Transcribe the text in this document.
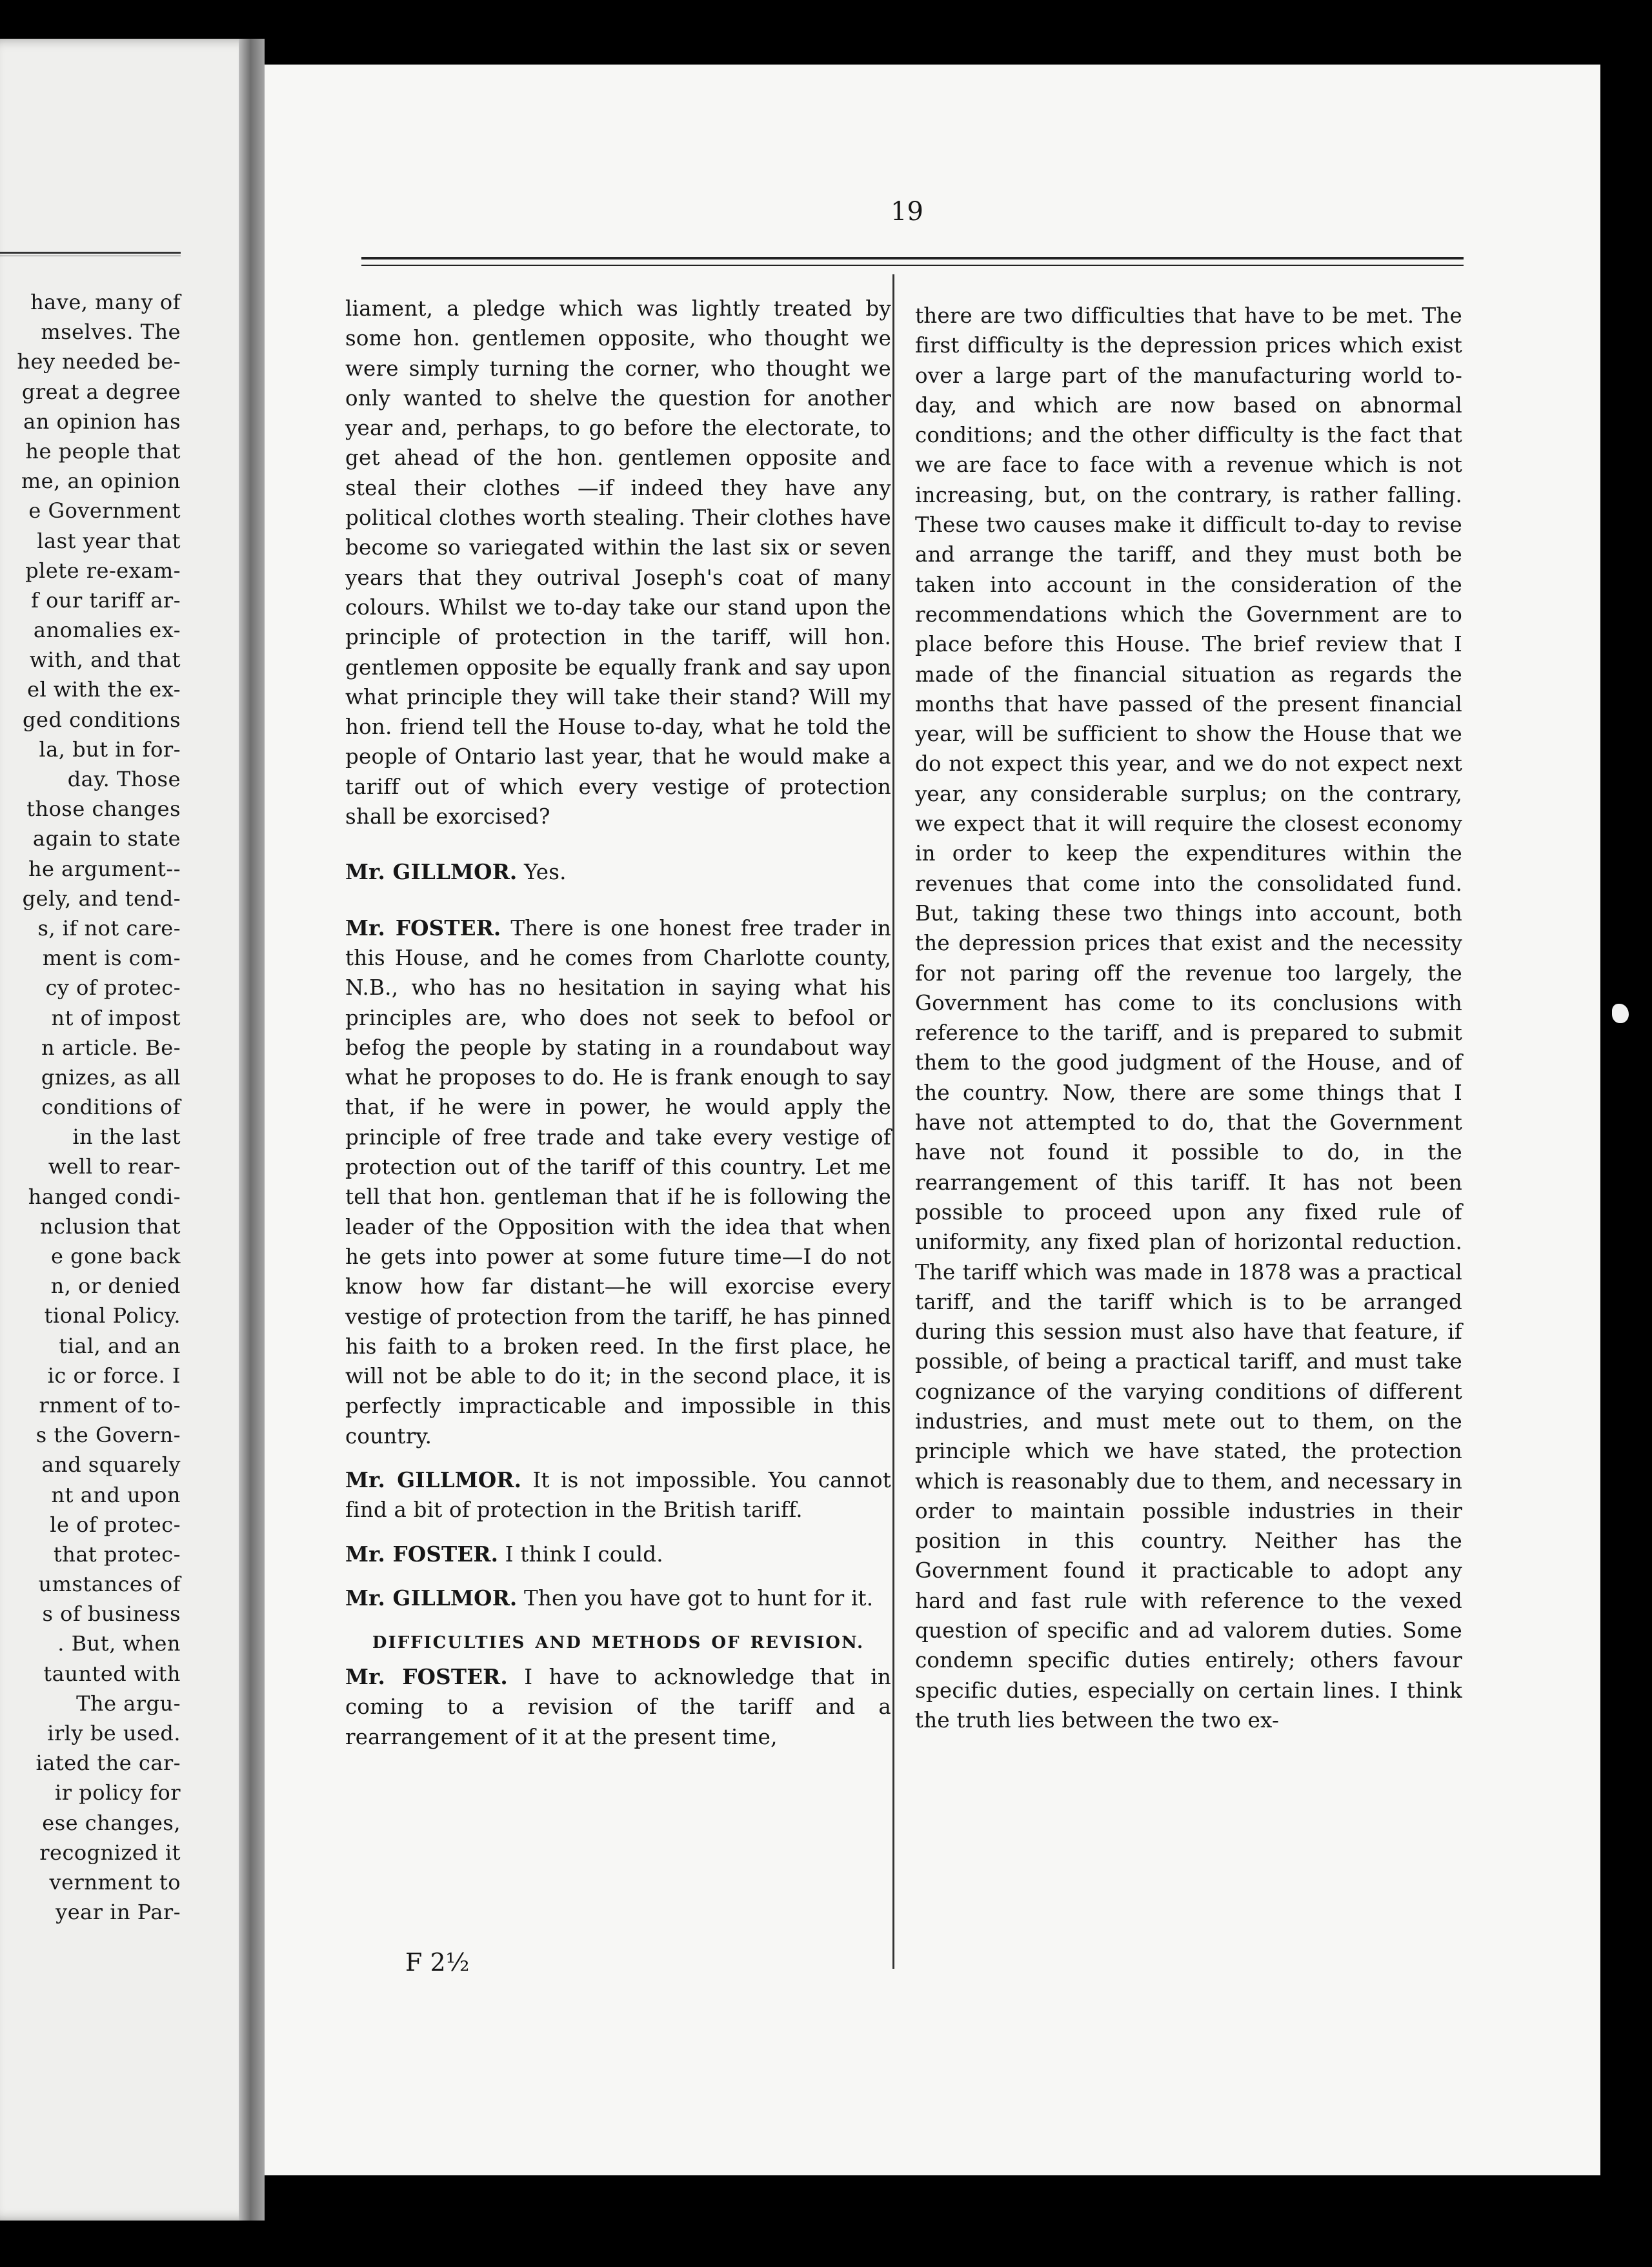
have, many of
mselves. The
hey needed be-
great a degree
an opinion has
he people that
me, an opinion
e Government
last year that
plete re-exam-
f our tariff ar-
anomalies ex-
with, and that
el with the ex-
ged conditions
la, but in for-
day. Those
those changes
again to state
he argument--
gely, and tend-
s, if not care-
ment is com-
cy of protec-
nt of impost
n article. Be-
gnizes, as all
conditions of
in the last
well to rear-
hanged condi-
nclusion that
e gone back
n, or denied
tional Policy.
tial, and an
ic or force. I
rnment of to-
s the Govern-
and squarely
nt and upon
le of protec-
that protec-
umstances of
s of business
. But, when
taunted with
The argu-
irly be used.
iated the car-
ir policy for
ese changes,
recognized it
vernment to
year in Par-

19

liament, a pledge which was lightly treated by some hon. gentlemen opposite, who thought we were simply turning the corner, who thought we only wanted to shelve the question for another year and, perhaps, to go before the electorate, to get ahead of the hon. gentlemen opposite and steal their clothes —if indeed they have any political clothes worth stealing. Their clothes have become so variegated within the last six or seven years that they outrival Joseph's coat of many colours. Whilst we to-day take our stand upon the principle of protection in the tariff, will hon. gentlemen opposite be equally frank and say upon what principle they will take their stand? Will my hon. friend tell the House to-day, what he told the people of Ontario last year, that he would make a tariff out of which every vestige of protection shall be exorcised?

Mr. GILLMOR. Yes.

Mr. FOSTER. There is one honest free trader in this House, and he comes from Charlotte county, N.B., who has no hesitation in saying what his principles are, who does not seek to befool or befog the people by stating in a roundabout way what he proposes to do. He is frank enough to say that, if he were in power, he would apply the principle of free trade and take every vestige of protection out of the tariff of this country. Let me tell that hon. gentleman that if he is following the leader of the Opposition with the idea that when he gets into power at some future time—I do not know how far distant—he will exorcise every vestige of protection from the tariff, he has pinned his faith to a broken reed. In the first place, he will not be able to do it; in the second place, it is perfectly impracticable and impossible in this country.

Mr. GILLMOR. It is not impossible. You cannot find a bit of protection in the British tariff.

Mr. FOSTER. I think I could.

Mr. GILLMOR. Then you have got to hunt for it.

DIFFICULTIES AND METHODS OF REVISION.

Mr. FOSTER. I have to acknowledge that in coming to a revision of the tariff and a rearrangement of it at the present time,

there are two difficulties that have to be met. The first difficulty is the depression prices which exist over a large part of the manufacturing world to-day, and which are now based on abnormal conditions; and the other difficulty is the fact that we are face to face with a revenue which is not increasing, but, on the contrary, is rather falling. These two causes make it difficult to-day to revise and arrange the tariff, and they must both be taken into account in the consideration of the recommendations which the Government are to place before this House. The brief review that I made of the financial situation as regards the months that have passed of the present financial year, will be sufficient to show the House that we do not expect this year, and we do not expect next year, any considerable surplus; on the contrary, we expect that it will require the closest economy in order to keep the expenditures within the revenues that come into the consolidated fund. But, taking these two things into account, both the depression prices that exist and the necessity for not paring off the revenue too largely, the Government has come to its conclusions with reference to the tariff, and is prepared to submit them to the good judgment of the House, and of the country. Now, there are some things that I have not attempted to do, that the Government have not found it possible to do, in the rearrangement of this tariff. It has not been possible to proceed upon any fixed rule of uniformity, any fixed plan of horizontal reduction. The tariff which was made in 1878 was a practical tariff, and the tariff which is to be arranged during this session must also have that feature, if possible, of being a practical tariff, and must take cognizance of the varying conditions of different industries, and must mete out to them, on the principle which we have stated, the protection which is reasonably due to them, and necessary in order to maintain possible industries in their position in this country. Neither has the Government found it practicable to adopt any hard and fast rule with reference to the vexed question of specific and ad valorem duties. Some condemn specific duties entirely; others favour specific duties, especially on certain lines. I think the truth lies between the two ex-

F 2½
